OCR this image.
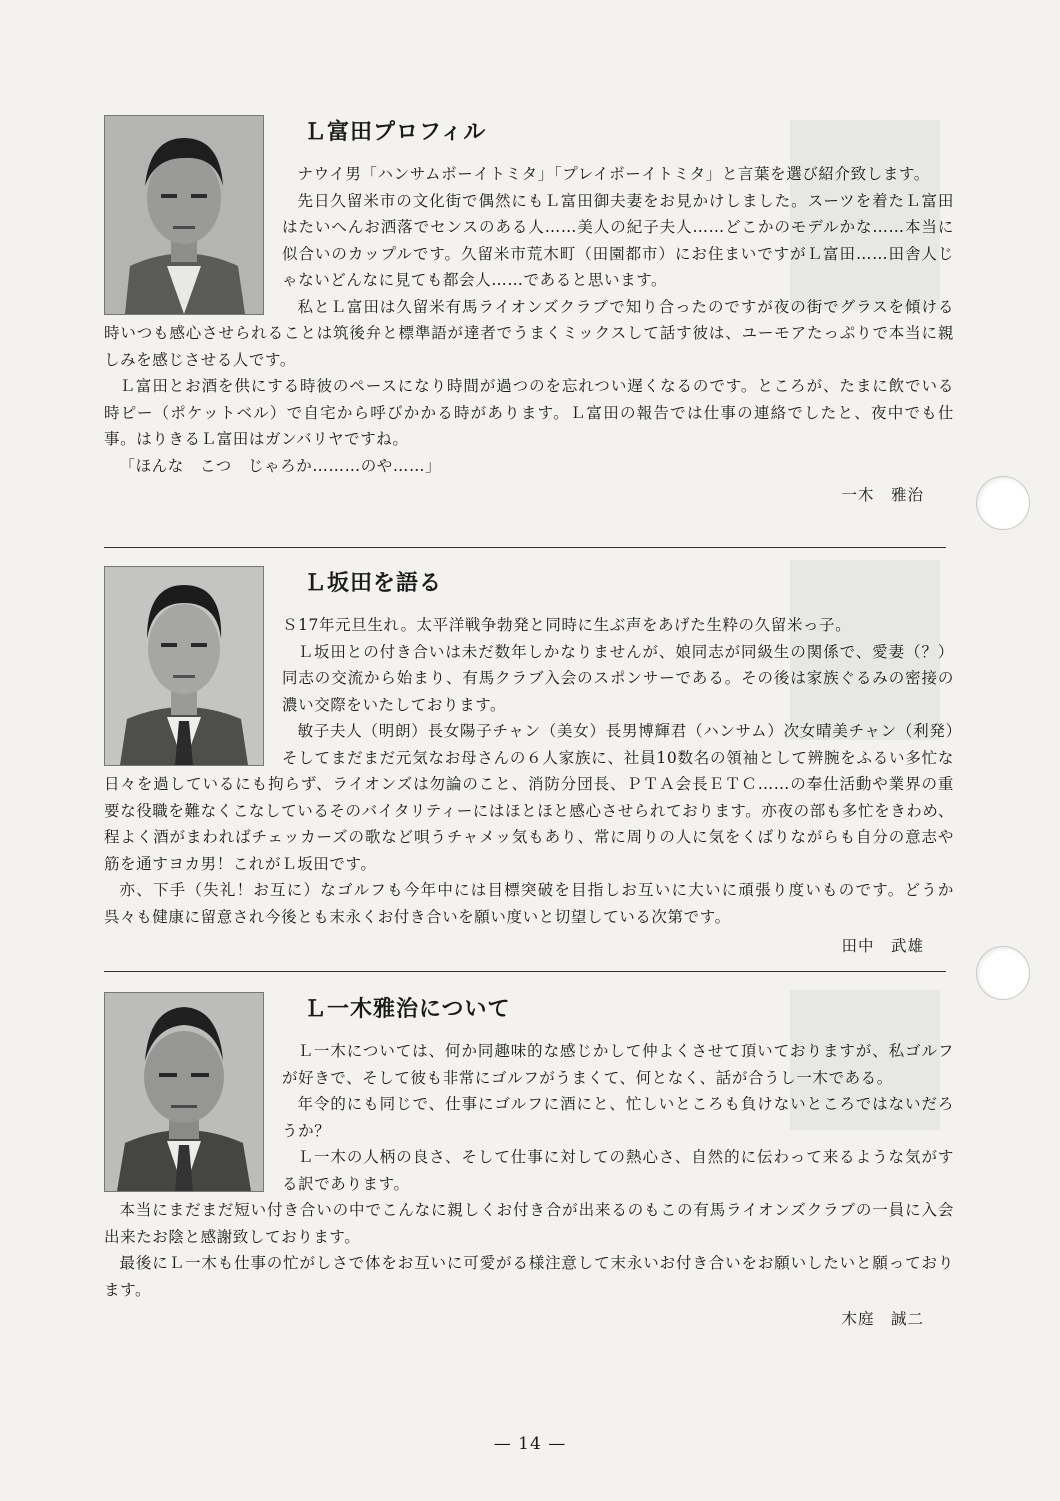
Ｌ富田プロフィル

ナウイ男「ハンサムボーイトミタ」「プレイボーイトミタ」と言葉を選び紹介致します。

先日久留米市の文化街で偶然にもＬ富田御夫妻をお見かけしました。スーツを着たＬ富田はたいへんお洒落でセンスのある人……美人の紀子夫人……どこかのモデルかな……本当に似合いのカップルです。久留米市荒木町（田園都市）にお住まいですがＬ富田……田舎人じゃないどんなに見ても都会人……であると思います。

私とＬ富田は久留米有馬ライオンズクラブで知り合ったのですが夜の街でグラスを傾ける時いつも感心させられることは筑後弁と標準語が達者でうまくミックスして話す彼は、ユーモアたっぷりで本当に親しみを感じさせる人です。

Ｌ富田とお酒を供にする時彼のペースになり時間が過つのを忘れつい遅くなるのです。ところが、たまに飲でいる時ピー（ポケットベル）で自宅から呼びかかる時があります。Ｌ富田の報告では仕事の連絡でしたと、夜中でも仕事。はりきるＬ富田はガンバリヤですね。

「ほんな　こつ　じゃろか………のや……」

一木　雅治

Ｌ坂田を語る

Ｓ17年元旦生れ。太平洋戦争勃発と同時に生ぶ声をあげた生粋の久留米っ子。

Ｌ坂田との付き合いは未だ数年しかなりませんが、娘同志が同級生の関係で、愛妻（？）同志の交流から始まり、有馬クラブ入会のスポンサーである。その後は家族ぐるみの密接の濃い交際をいたしております。

敏子夫人（明朗）長女陽子チャン（美女）長男博輝君（ハンサム）次女晴美チャン（利発）そしてまだまだ元気なお母さんの６人家族に、社員10数名の領袖として辨腕をふるい多忙な日々を過しているにも拘らず、ライオンズは勿論のこと、消防分団長、ＰＴＡ会長ＥＴＣ……の奉仕活動や業界の重要な役職を難なくこなしているそのバイタリティーにはほとほと感心させられております。亦夜の部も多忙をきわめ、程よく酒がまわればチェッカーズの歌など唄うチャメッ気もあり、常に周りの人に気をくばりながらも自分の意志や筋を通すヨカ男！これがＬ坂田です。

亦、下手（失礼！お互に）なゴルフも今年中には目標突破を目指しお互いに大いに頑張り度いものです。どうか呉々も健康に留意され今後とも末永くお付き合いを願い度いと切望している次第です。

田中　武雄

Ｌ一木雅治について

Ｌ一木については、何か同趣味的な感じかして仲よくさせて頂いておりますが、私ゴルフが好きで、そして彼も非常にゴルフがうまくて、何となく、話が合うし一木である。

年令的にも同じで、仕事にゴルフに酒にと、忙しいところも負けないところではないだろうか？

Ｌ一木の人柄の良さ、そして仕事に対しての熱心さ、自然的に伝わって来るような気がする訳であります。

本当にまだまだ短い付き合いの中でこんなに親しくお付き合が出来るのもこの有馬ライオンズクラブの一員に入会出来たお陰と感謝致しております。

最後にＬ一木も仕事の忙がしさで体をお互いに可愛がる様注意して末永いお付き合いをお願いしたいと願っております。

木庭　誠二

— 14 —
